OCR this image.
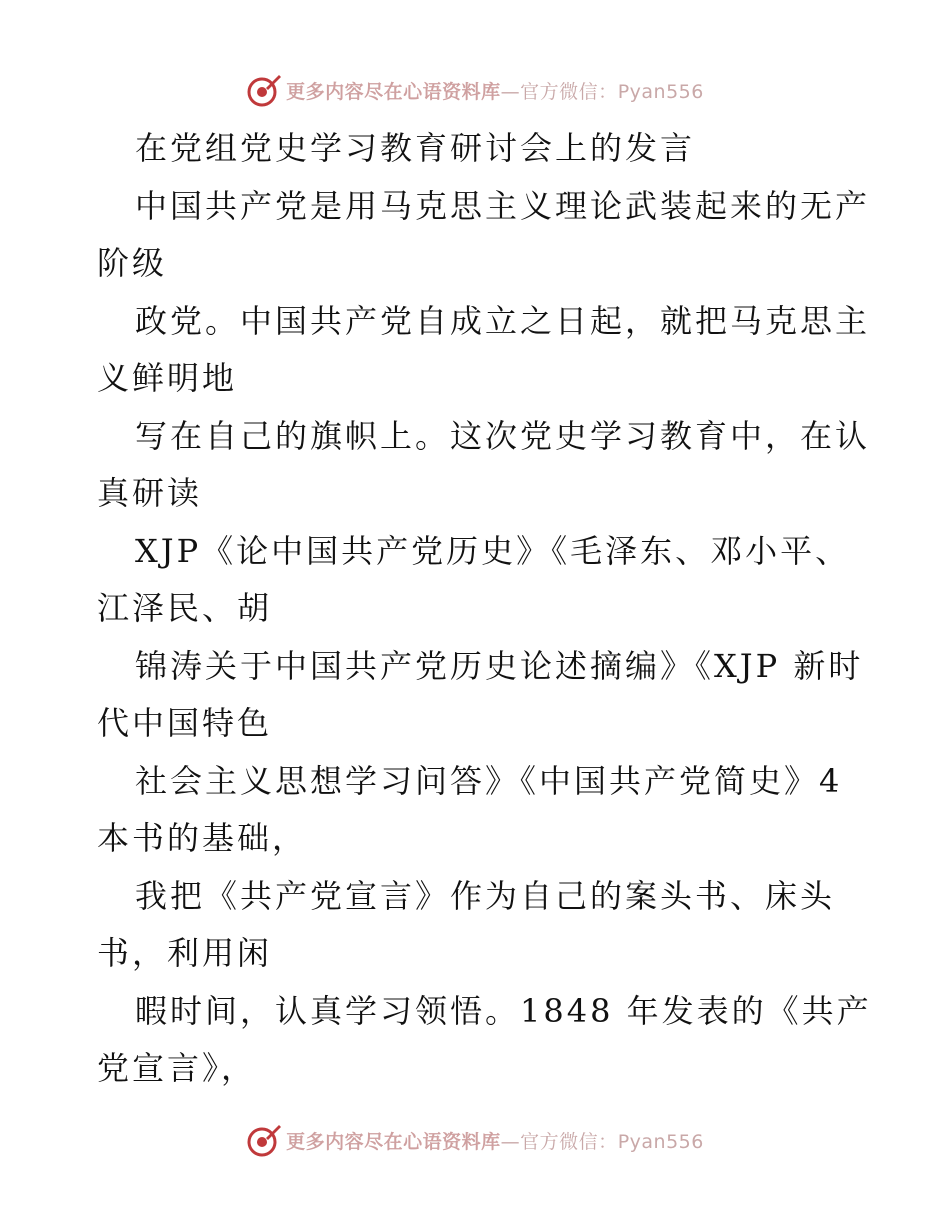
更多内容尽在心语资料库—官方微信：Pyan556
在党组党史学习教育研讨会上的发言
中国共产党是用马克思主义理论武装起来的无产
阶级
政党。中国共产党自成立之日起，就把马克思主
义鲜明地
写在自己的旗帜上。这次党史学习教育中，在认
真研读
XJP《论中国共产党历史》《毛泽东、邓小平、
江泽民、胡
锦涛关于中国共产党历史论述摘编》《XJP 新时
代中国特色
社会主义思想学习问答》《中国共产党简史》4
本书的基础，
我把《共产党宣言》作为自己的案头书、床头
书，利用闲
暇时间，认真学习领悟。1848 年发表的《共产
党宣言》，
更多内容尽在心语资料库—官方微信：Pyan556
